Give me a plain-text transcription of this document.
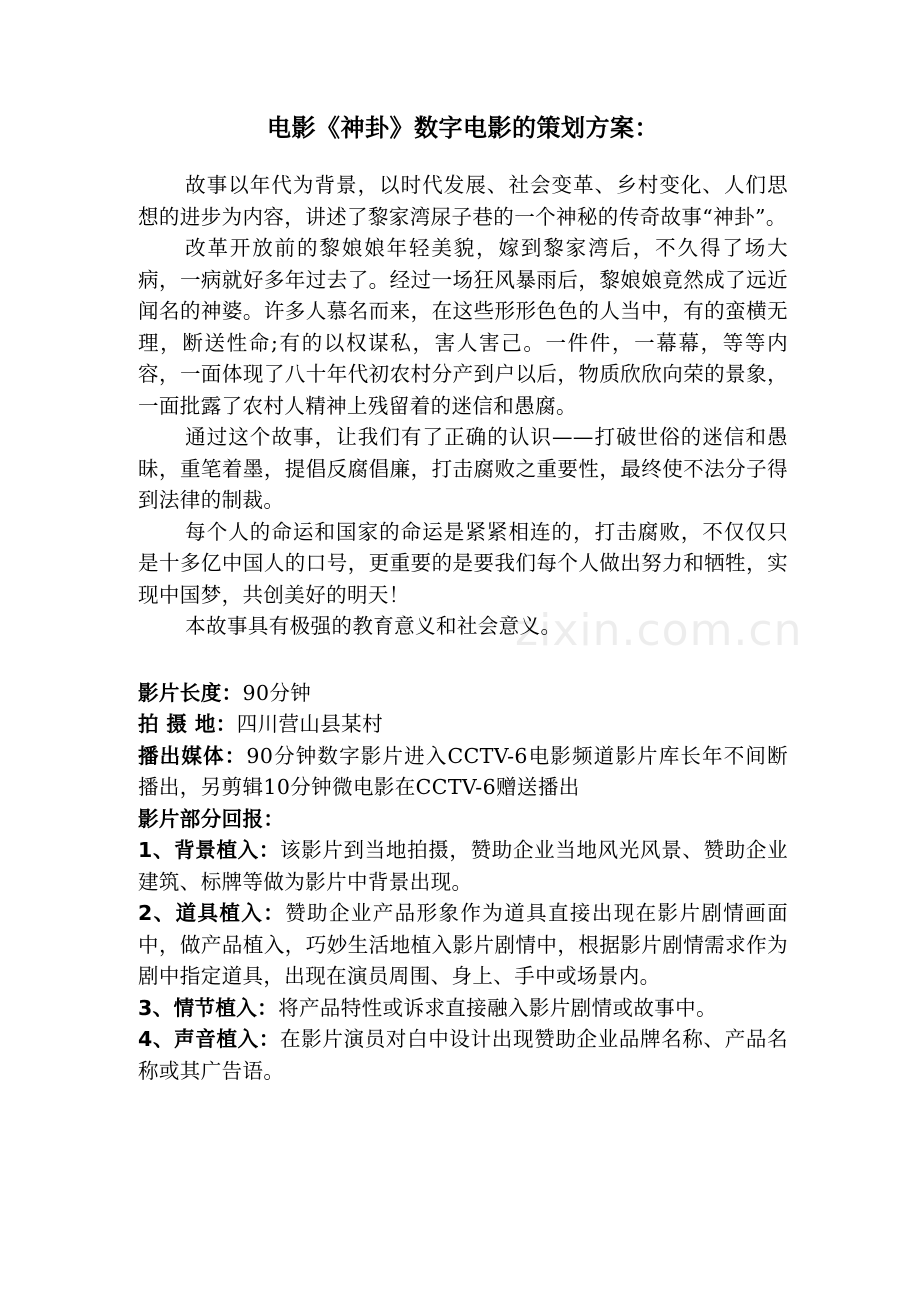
zixin.com.cn
电影《神卦》数字电影的策划方案：

故事以年代为背景，以时代发展、社会变革、乡村变化、人们思想的进步为内容，讲述了黎家湾尿子巷的一个神秘的传奇故事“神卦”。

改革开放前的黎娘娘年轻美貌，嫁到黎家湾后，不久得了场大病，一病就好多年过去了。经过一场狂风暴雨后，黎娘娘竟然成了远近闻名的神婆。许多人慕名而来，在这些形形色色的人当中，有的蛮横无理，断送性命;有的以权谋私，害人害己。一件件，一幕幕，等等内容，一面体现了八十年代初农村分产到户以后，物质欣欣向荣的景象，一面批露了农村人精神上残留着的迷信和愚腐。

通过这个故事，让我们有了正确的认识——打破世俗的迷信和愚昧，重笔着墨，提倡反腐倡廉，打击腐败之重要性，最终使不法分子得到法律的制裁。

每个人的命运和国家的命运是紧紧相连的，打击腐败，不仅仅只是十多亿中国人的口号，更重要的是要我们每个人做出努力和牺牲，实现中国梦，共创美好的明天！

本故事具有极强的教育意义和社会意义。

影片长度：90分钟

拍 摄 地：四川营山县某村

播出媒体：90分钟数字影片进入CCTV-6电影频道影片库长年不间断播出，另剪辑10分钟微电影在CCTV-6赠送播出

影片部分回报：

1、背景植入：该影片到当地拍摄，赞助企业当地风光风景、赞助企业建筑、标牌等做为影片中背景出现。

2、道具植入：赞助企业产品形象作为道具直接出现在影片剧情画面中，做产品植入，巧妙生活地植入影片剧情中，根据影片剧情需求作为剧中指定道具，出现在演员周围、身上、手中或场景内。

3、情节植入：将产品特性或诉求直接融入影片剧情或故事中。

4、声音植入：在影片演员对白中设计出现赞助企业品牌名称、产品名称或其广告语。
